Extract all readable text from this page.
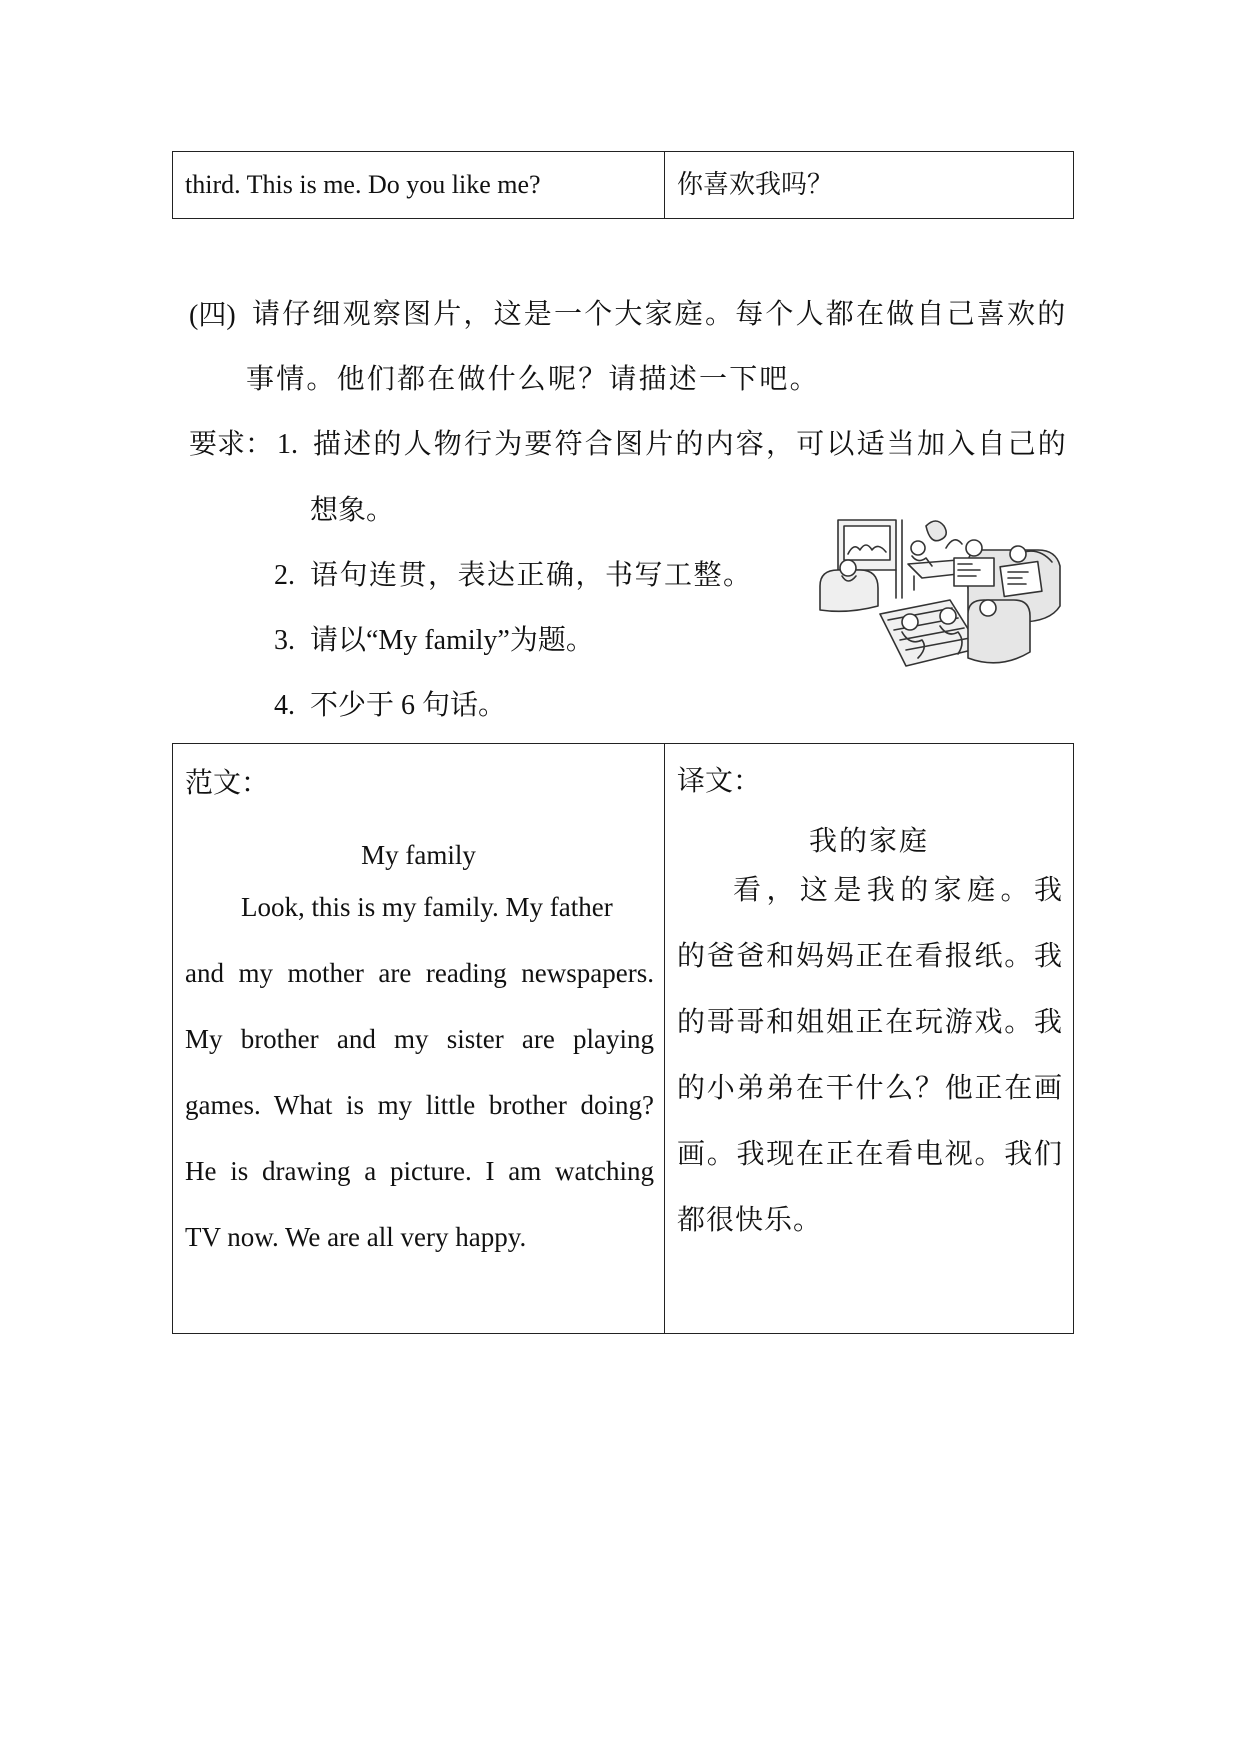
third. This is me. Do you like me?	你喜欢我吗？
(四) 请仔细观察图片，这是一个大家庭。每个人都在做自己喜欢的
事情。他们都在做什么呢？请描述一下吧。
要求： 1. 描述的人物行为要符合图片的内容，可以适当加入自己的
想象。
2. 语句连贯，表达正确，书写工整。
3. 请以“My family”为题。
4. 不少于 6 句话。
范文：
My family
Look, this is my family. My father
and my mother are reading newspapers.
My brother and my sister are playing
games. What is my little brother doing?
He is drawing a picture. I am watching
TV now. We are all very happy.
译文：
我的家庭
看，这是我的家庭。我
的爸爸和妈妈正在看报纸。我
的哥哥和姐姐正在玩游戏。我
的小弟弟在干什么？他正在画
画。我现在正在看电视。我们
都很快乐。
